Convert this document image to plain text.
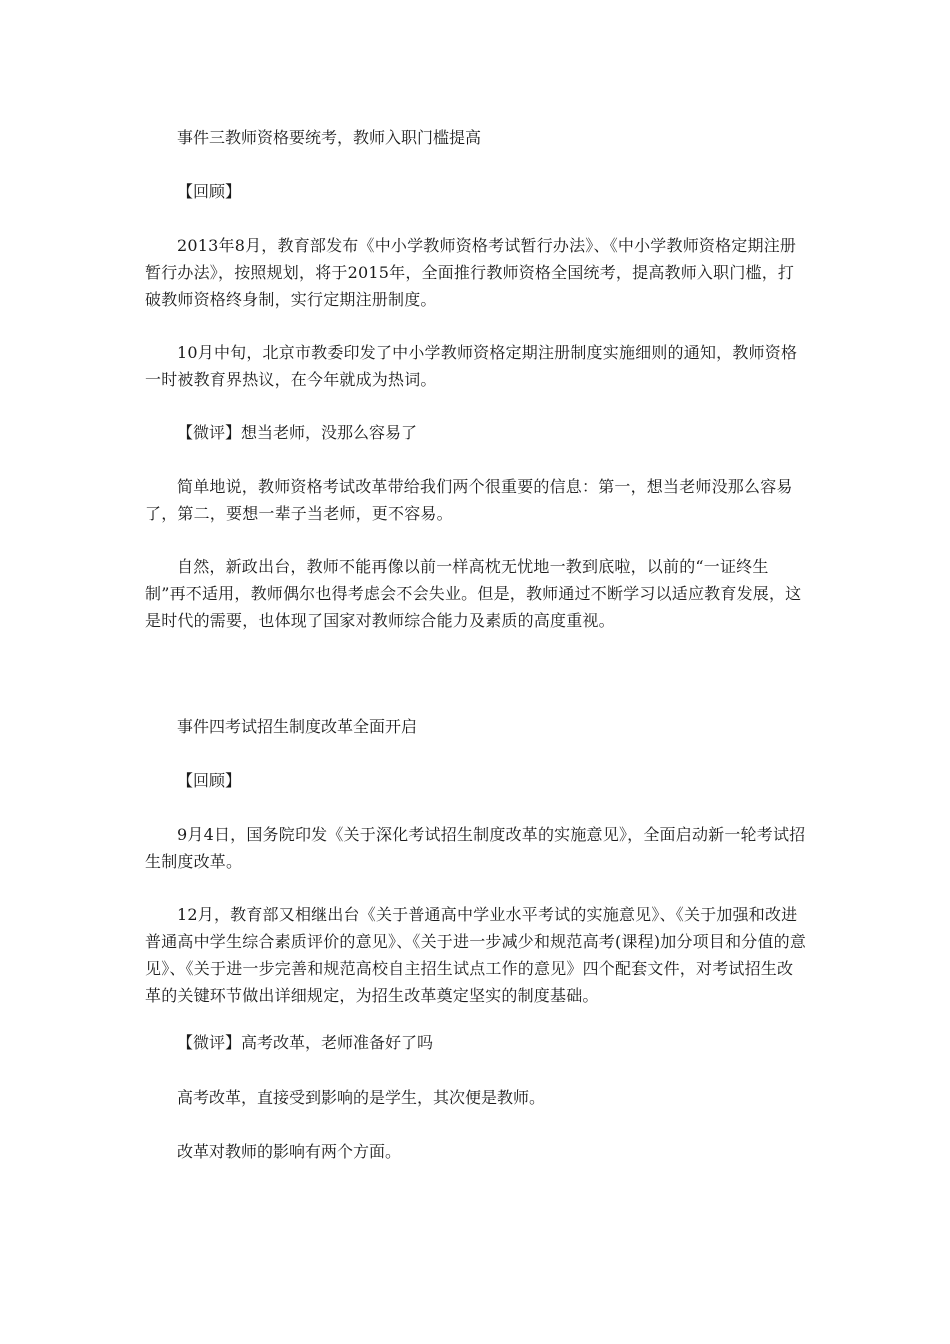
事件三教师资格要统考，教师入职门槛提高

【回顾】

2013年8月，教育部发布《中小学教师资格考试暂行办法》、《中小学教师资格定期注册暂行办法》，按照规划，将于2015年，全面推行教师资格全国统考，提高教师入职门槛，打破教师资格终身制，实行定期注册制度。

10月中旬，北京市教委印发了中小学教师资格定期注册制度实施细则的通知，教师资格一时被教育界热议，在今年就成为热词。

【微评】想当老师，没那么容易了

简单地说，教师资格考试改革带给我们两个很重要的信息：第一，想当老师没那么容易了，第二，要想一辈子当老师，更不容易。

自然，新政出台，教师不能再像以前一样高枕无忧地一教到底啦，以前的“一证终生制”再不适用，教师偶尔也得考虑会不会失业。但是，教师通过不断学习以适应教育发展，这是时代的需要，也体现了国家对教师综合能力及素质的高度重视。

事件四考试招生制度改革全面开启

【回顾】

9月4日，国务院印发《关于深化考试招生制度改革的实施意见》，全面启动新一轮考试招生制度改革。

12月，教育部又相继出台《关于普通高中学业水平考试的实施意见》、《关于加强和改进普通高中学生综合素质评价的意见》、《关于进一步减少和规范高考(课程)加分项目和分值的意见》、《关于进一步完善和规范高校自主招生试点工作的意见》四个配套文件，对考试招生改革的关键环节做出详细规定，为招生改革奠定坚实的制度基础。

【微评】高考改革，老师准备好了吗

高考改革，直接受到影响的是学生，其次便是教师。

改革对教师的影响有两个方面。
